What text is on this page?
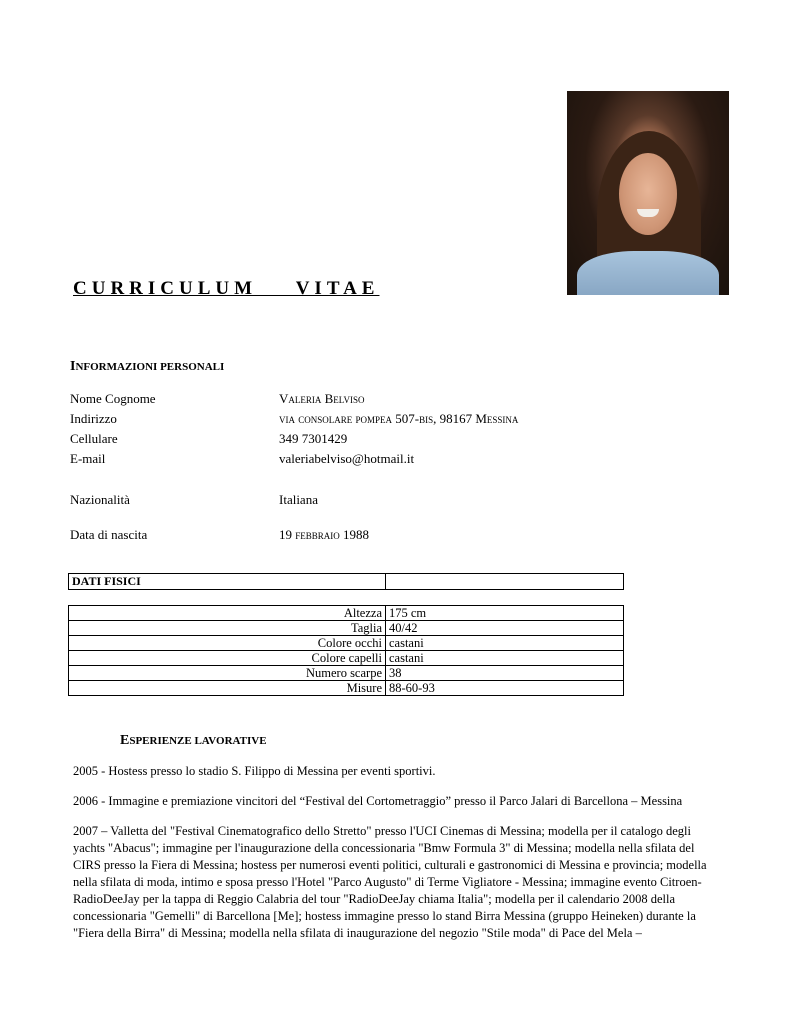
CURRICULUM    VITAE
INFORMAZIONI PERSONALI
Nome Cognome	Valeria Belviso
Indirizzo	via consolare pompea 507-bis, 98167 Messina
Cellulare	349 7301429
E-mail	valeriabelviso@hotmail.it
Nazionalità	Italiana
Data di nascita	19 febbraio 1988
DATI FISICI	
Altezza	175 cm
Taglia	40/42
Colore occhi	castani
Colore capelli	castani
Numero scarpe	38
Misure	88-60-93
ESPERIENZE LAVORATIVE
2005 - Hostess presso lo stadio S. Filippo di Messina per eventi sportivi.
2006 - Immagine e premiazione vincitori del “Festival del Cortometraggio” presso il Parco Jalari di Barcellona – Messina
2007 – Valletta del "Festival Cinematografico dello Stretto" presso l'UCI Cinemas di Messina; modella per il catalogo degli yachts "Abacus"; immagine per l'inaugurazione della concessionaria "Bmw Formula 3" di Messina; modella nella sfilata del CIRS presso la Fiera di Messina; hostess per numerosi eventi politici, culturali e gastronomici di Messina e provincia; modella nella sfilata di moda, intimo e sposa presso l'Hotel "Parco Augusto" di Terme Vigliatore - Messina; immagine evento Citroen-RadioDeeJay per la tappa di Reggio Calabria del tour "RadioDeeJay chiama Italia"; modella per il calendario 2008 della concessionaria "Gemelli" di Barcellona [Me]; hostess immagine presso lo stand Birra Messina (gruppo Heineken) durante la "Fiera della Birra" di Messina; modella nella sfilata di inaugurazione del negozio "Stile moda" di Pace del Mela –
